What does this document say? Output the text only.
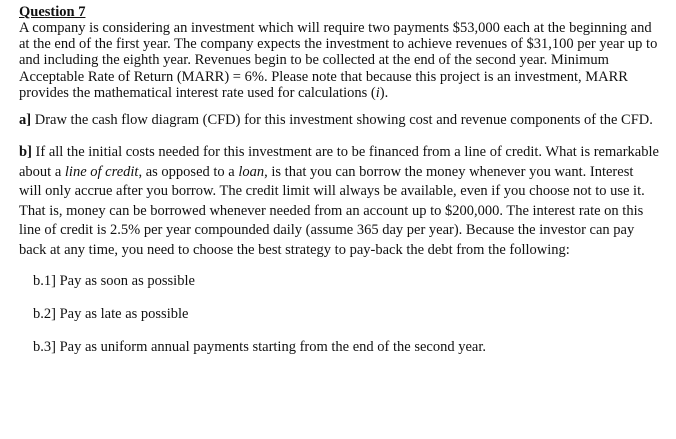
Question 7

A company is considering an investment which will require two payments $53,000 each at the beginning and at the end of the first year. The company expects the investment to achieve revenues of $31,100 per year up to and including the eighth year. Revenues begin to be collected at the end of the second year. Minimum Acceptable Rate of Return (MARR) = 6%. Please note that because this project is an investment, MARR provides the mathematical interest rate used for calculations (i).

a] Draw the cash flow diagram (CFD) for this investment showing cost and revenue components of the CFD.

b] If all the initial costs needed for this investment are to be financed from a line of credit. What is remarkable about a line of credit, as opposed to a loan, is that you can borrow the money whenever you want. Interest will only accrue after you borrow. The credit limit will always be available, even if you choose not to use it. That is, money can be borrowed whenever needed from an account up to $200,000. The interest rate on this line of credit is 2.5% per year compounded daily (assume 365 day per year). Because the investor can pay back at any time, you need to choose the best strategy to pay-back the debt from the following:

b.1] Pay as soon as possible

b.2] Pay as late as possible

b.3] Pay as uniform annual payments starting from the end of the second year.
